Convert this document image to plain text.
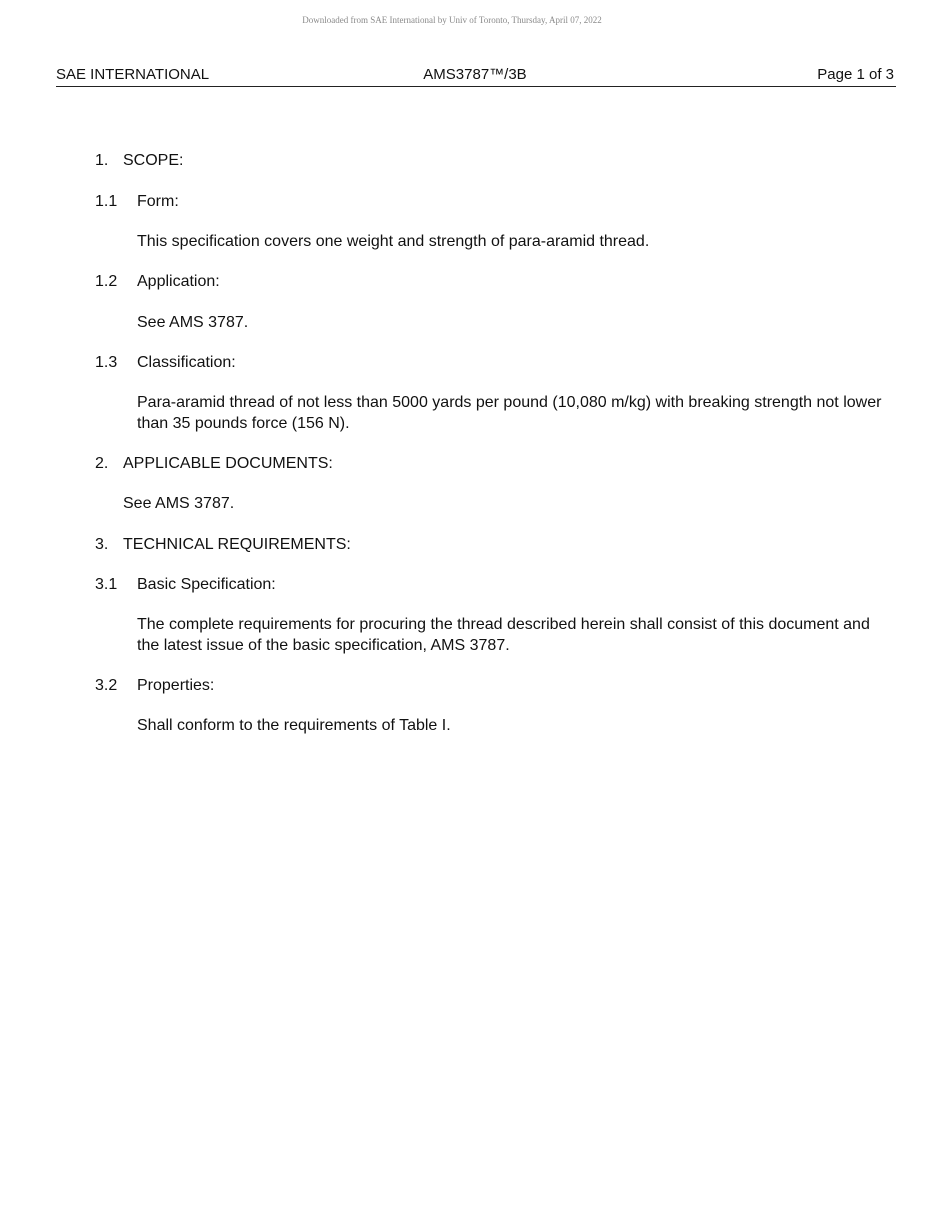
Downloaded from SAE International by Univ of Toronto, Thursday, April 07, 2022
AMS3787™/3B
SAE INTERNATIONAL	Page 1 of 3
1. SCOPE:
1.1 Form:
This specification covers one weight and strength of para-aramid thread.
1.2 Application:
See AMS 3787.
1.3 Classification:
Para-aramid thread of not less than 5000 yards per pound (10,080 m/kg) with breaking strength not lower than 35 pounds force (156 N).
2. APPLICABLE DOCUMENTS:
See AMS 3787.
3. TECHNICAL REQUIREMENTS:
3.1 Basic Specification:
The complete requirements for procuring the thread described herein shall consist of this document and the latest issue of the basic specification, AMS 3787.
3.2 Properties:
Shall conform to the requirements of Table I.
